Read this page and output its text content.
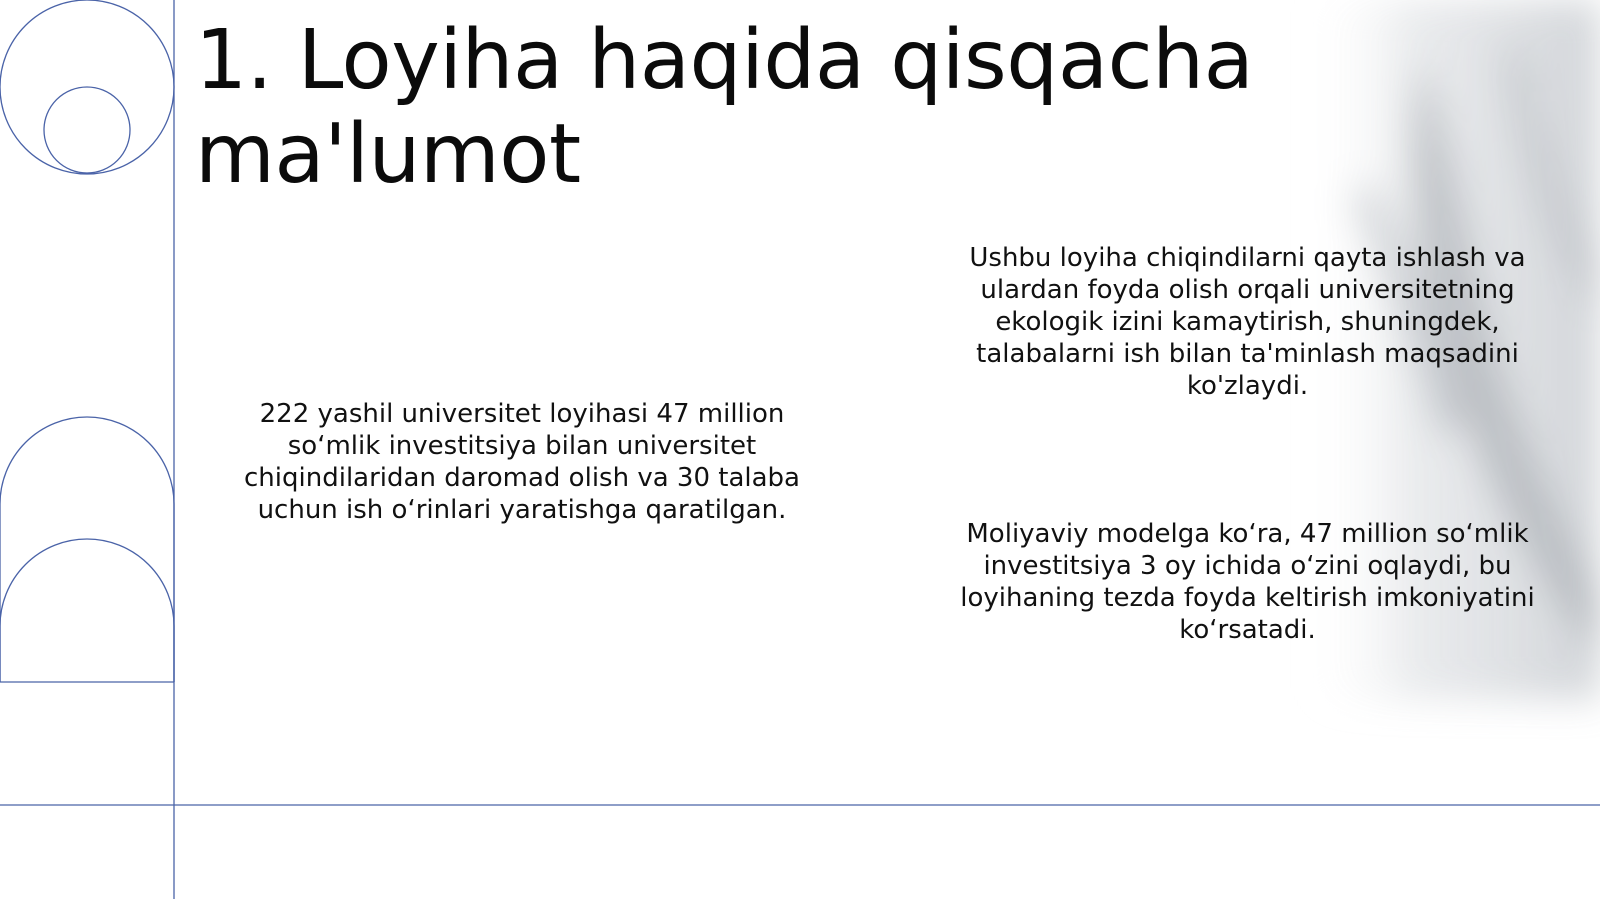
1. Loyiha haqida qisqacha ma'lumot

222 yashil universitet loyihasi 47 million so‘mlik investitsiya bilan universitet chiqindilaridan daromad olish va 30 talaba uchun ish o‘rinlari yaratishga qaratilgan.

Ushbu loyiha chiqindilarni qayta ishlash va ulardan foyda olish orqali universitetning ekologik izini kamaytirish, shuningdek, talabalarni ish bilan ta'minlash maqsadini ko'zlaydi.

Moliyaviy modelga ko‘ra, 47 million so‘mlik investitsiya 3 oy ichida o‘zini oqlaydi, bu loyihaning tezda foyda keltirish imkoniyatini ko‘rsatadi.
